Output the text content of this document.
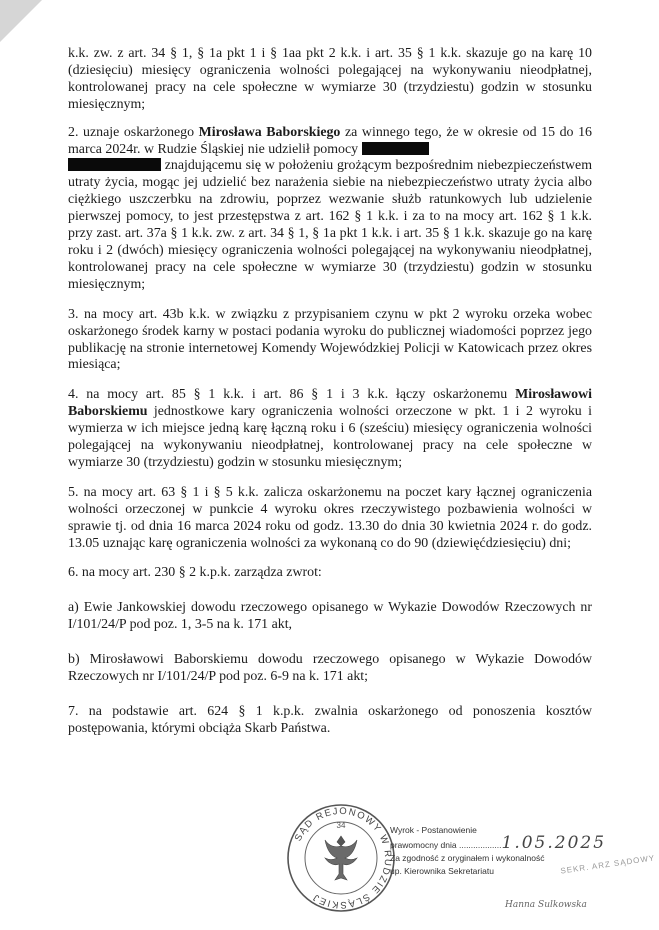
k.k. zw. z art. 34 § 1, § 1a pkt 1 i § 1aa pkt 2 k.k. i art. 35 § 1 k.k. skazuje go na karę 10 (dziesięciu) miesięcy ograniczenia wolności polegającej na wykonywaniu nieodpłatnej, kontrolowanej pracy na cele społeczne w wymiarze 30 (trzydziestu) godzin w stosunku miesięcznym;

2. uznaje oskarżonego Mirosława Baborskiego za winnego tego, że w okresie od 15 do 16 marca 2024r. w Rudzie Śląskiej nie udzielił pomocy
znajdującemu się w położeniu grożącym bezpośrednim niebezpieczeństwem utraty życia, mogąc jej udzielić bez narażenia siebie na niebezpieczeństwo utraty życia albo ciężkiego uszczerbku na zdrowiu, poprzez wezwanie służb ratunkowych lub udzielenie pierwszej pomocy, to jest przestępstwa z art. 162 § 1 k.k. i za to na mocy art. 162 § 1 k.k. przy zast. art. 37a § 1 k.k. zw. z art. 34 § 1, § 1a pkt 1 k.k. i art. 35 § 1 k.k. skazuje go na karę roku i 2 (dwóch) miesięcy ograniczenia wolności polegającej na wykonywaniu nieodpłatnej, kontrolowanej pracy na cele społeczne w wymiarze 30 (trzydziestu) godzin w stosunku miesięcznym;

3. na mocy art. 43b k.k. w związku z przypisaniem czynu w pkt 2 wyroku orzeka wobec oskarżonego środek karny w postaci podania wyroku do publicznej wiadomości poprzez jego publikację na stronie internetowej Komendy Wojewódzkiej Policji w Katowicach przez okres miesiąca;

4. na mocy art. 85 § 1 k.k. i art. 86 § 1 i 3 k.k. łączy oskarżonemu Mirosławowi Baborskiemu jednostkowe kary ograniczenia wolności orzeczone w pkt. 1 i 2 wyroku i wymierza w ich miejsce jedną karę łączną roku i 6 (sześciu) miesięcy ograniczenia wolności polegającej na wykonywaniu nieodpłatnej, kontrolowanej pracy na cele społeczne w wymiarze 30 (trzydziestu) godzin w stosunku miesięcznym;

5. na mocy art. 63 § 1 i § 5 k.k. zalicza oskarżonemu na poczet kary łącznej ograniczenia wolności orzeczonej w punkcie 4 wyroku okres rzeczywistego pozbawienia wolności w sprawie tj. od dnia 16 marca 2024 roku od godz. 13.30 do dnia 30 kwietnia 2024 r. do godz. 13.05 uznając karę ograniczenia wolności za wykonaną co do 90 (dziewięćdziesięciu) dni;

6. na mocy art. 230 § 2 k.p.k. zarządza zwrot:

a) Ewie Jankowskiej dowodu rzeczowego opisanego w Wykazie Dowodów Rzeczowych nr I/101/24/P pod poz. 1, 3-5 na k. 171 akt,

b) Mirosławowi Baborskiemu dowodu rzeczowego opisanego w Wykazie Dowodów Rzeczowych nr I/101/24/P pod poz. 6-9 na k. 171 akt;

7. na podstawie art. 624 § 1 k.p.k. zwalnia oskarżonego od ponoszenia kosztów postępowania, którymi obciąża Skarb Państwa.

SĄD REJONOWY W RUDZIE ŚLĄSKIEJ
34	Wyrok - Postanowienie
prawomocny dnia ..................1.05.2025
Za zgodność z oryginałem i wykonalność
up. Kierownika Sekretariatu	SEKR. ARZ SĄDOWY
Hanna Sulkowska
